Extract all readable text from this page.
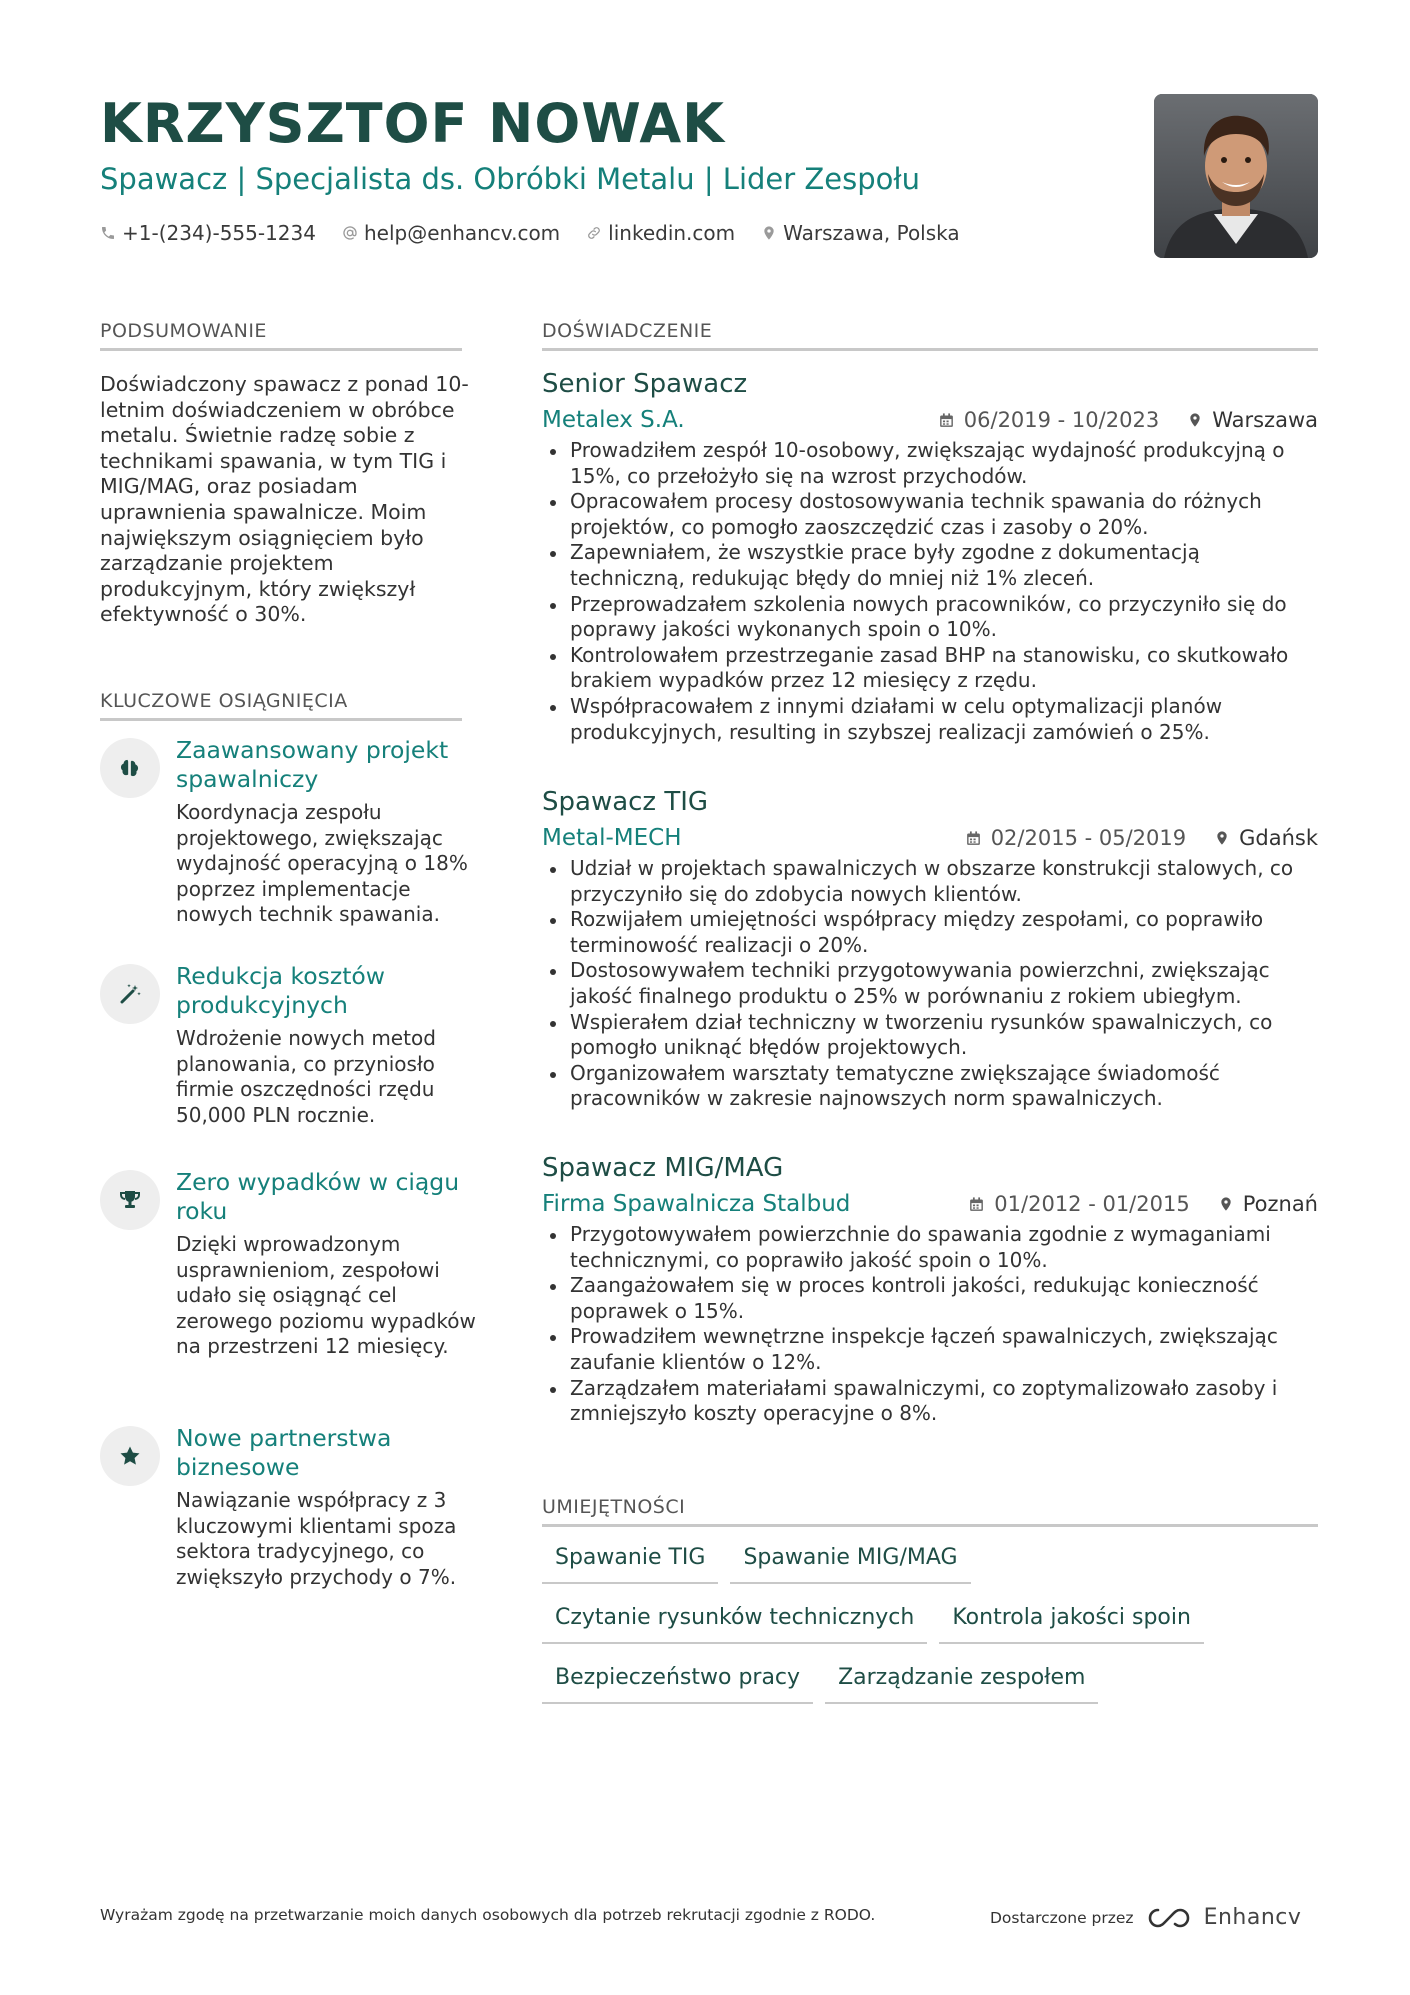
KRZYSZTOF NOWAK
Spawacz | Specjalista ds. Obróbki Metalu | Lider Zespołu
+1-(234)-555-1234 help@enhancv.com linkedin.com Warszawa, Polska
PODSUMOWANIE
Doświadczony spawacz z ponad 10-letnim doświadczeniem w obróbce metalu. Świetnie radzę sobie z technikami spawania, w tym TIG i MIG/MAG, oraz posiadam uprawnienia spawalnicze. Moim największym osiągnięciem było zarządzanie projektem produkcyjnym, który zwiększył efektywność o 30%.
KLUCZOWE OSIĄGNIĘCIA
Zaawansowany projekt spawalniczy
Koordynacja zespołu projektowego, zwiększając wydajność operacyjną o 18% poprzez implementacje nowych technik spawania.
Redukcja kosztów produkcyjnych
Wdrożenie nowych metod planowania, co przyniosło firmie oszczędności rzędu 50,000 PLN rocznie.
Zero wypadków w ciągu roku
Dzięki wprowadzonym usprawnieniom, zespołowi udało się osiągnąć cel zerowego poziomu wypadków na przestrzeni 12 miesięcy.
Nowe partnerstwa biznesowe
Nawiązanie współpracy z 3 kluczowymi klientami spoza sektora tradycyjnego, co zwiększyło przychody o 7%.
DOŚWIADCZENIE
Senior Spawacz
Metalex S.A.	06/2019 - 10/2023	Warszawa
Prowadziłem zespół 10-osobowy, zwiększając wydajność produkcyjną o 15%, co przełożyło się na wzrost przychodów.
Opracowałem procesy dostosowywania technik spawania do różnych projektów, co pomogło zaoszczędzić czas i zasoby o 20%.
Zapewniałem, że wszystkie prace były zgodne z dokumentacją techniczną, redukując błędy do mniej niż 1% zleceń.
Przeprowadzałem szkolenia nowych pracowników, co przyczyniło się do poprawy jakości wykonanych spoin o 10%.
Kontrolowałem przestrzeganie zasad BHP na stanowisku, co skutkowało brakiem wypadków przez 12 miesięcy z rzędu.
Współpracowałem z innymi działami w celu optymalizacji planów produkcyjnych, resulting in szybszej realizacji zamówień o 25%.
Spawacz TIG
Metal-MECH	02/2015 - 05/2019	Gdańsk
Udział w projektach spawalniczych w obszarze konstrukcji stalowych, co przyczyniło się do zdobycia nowych klientów.
Rozwijałem umiejętności współpracy między zespołami, co poprawiło terminowość realizacji o 20%.
Dostosowywałem techniki przygotowywania powierzchni, zwiększając jakość finalnego produktu o 25% w porównaniu z rokiem ubiegłym.
Wspierałem dział techniczny w tworzeniu rysunków spawalniczych, co pomogło uniknąć błędów projektowych.
Organizowałem warsztaty tematyczne zwiększające świadomość pracowników w zakresie najnowszych norm spawalniczych.
Spawacz MIG/MAG
Firma Spawalnicza Stalbud	01/2012 - 01/2015	Poznań
Przygotowywałem powierzchnie do spawania zgodnie z wymaganiami technicznymi, co poprawiło jakość spoin o 10%.
Zaangażowałem się w proces kontroli jakości, redukując konieczność poprawek o 15%.
Prowadziłem wewnętrzne inspekcje łączeń spawalniczych, zwiększając zaufanie klientów o 12%.
Zarządzałem materiałami spawalniczymi, co zoptymalizowało zasoby i zmniejszyło koszty operacyjne o 8%.
UMIEJĘTNOŚCI
Spawanie TIG	Spawanie MIG/MAG
Czytanie rysunków technicznych	Kontrola jakości spoin
Bezpieczeństwo pracy	Zarządzanie zespołem
Wyrażam zgodę na przetwarzanie moich danych osobowych dla potrzeb rekrutacji zgodnie z RODO.	Dostarczone przez	Enhancv
